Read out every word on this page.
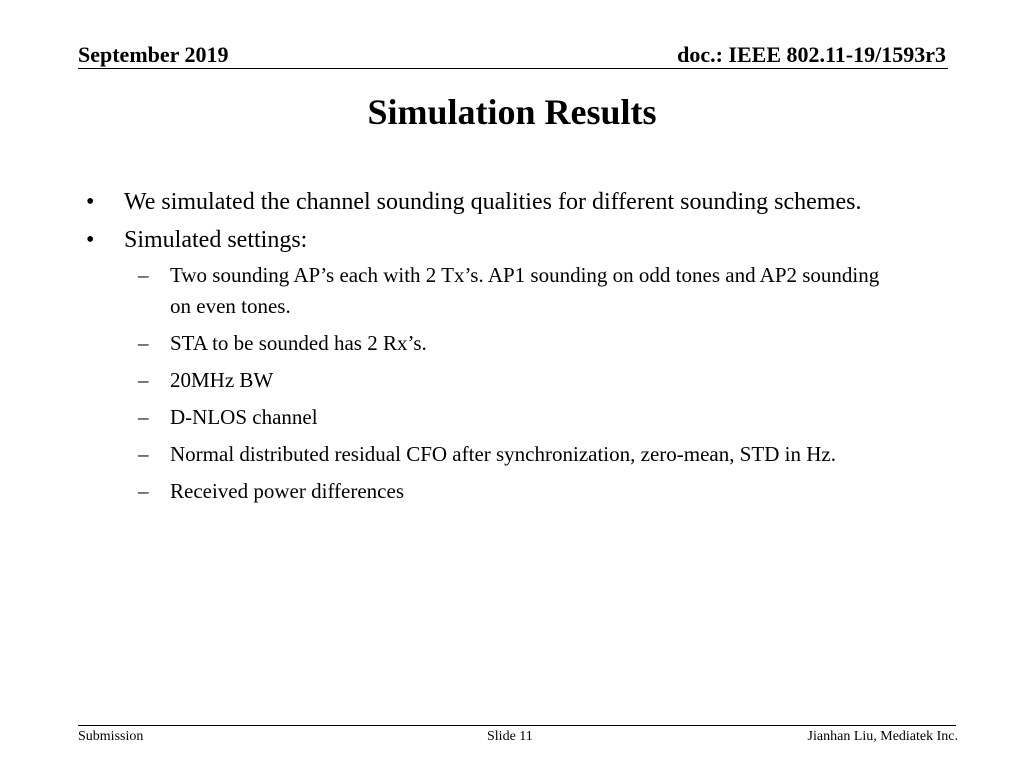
September 2019	doc.: IEEE 802.11-19/1593r3
Simulation Results
• We simulated the channel sounding qualities for different sounding schemes.
• Simulated settings:
– Two sounding AP’s each with 2 Tx’s. AP1 sounding on odd tones and AP2 sounding on even tones.
– STA to be sounded has 2 Rx’s.
– 20MHz BW
– D-NLOS channel
– Normal distributed residual CFO after synchronization, zero-mean, STD in Hz.
– Received power differences
Submission	Slide 11	Jianhan Liu, Mediatek Inc.
